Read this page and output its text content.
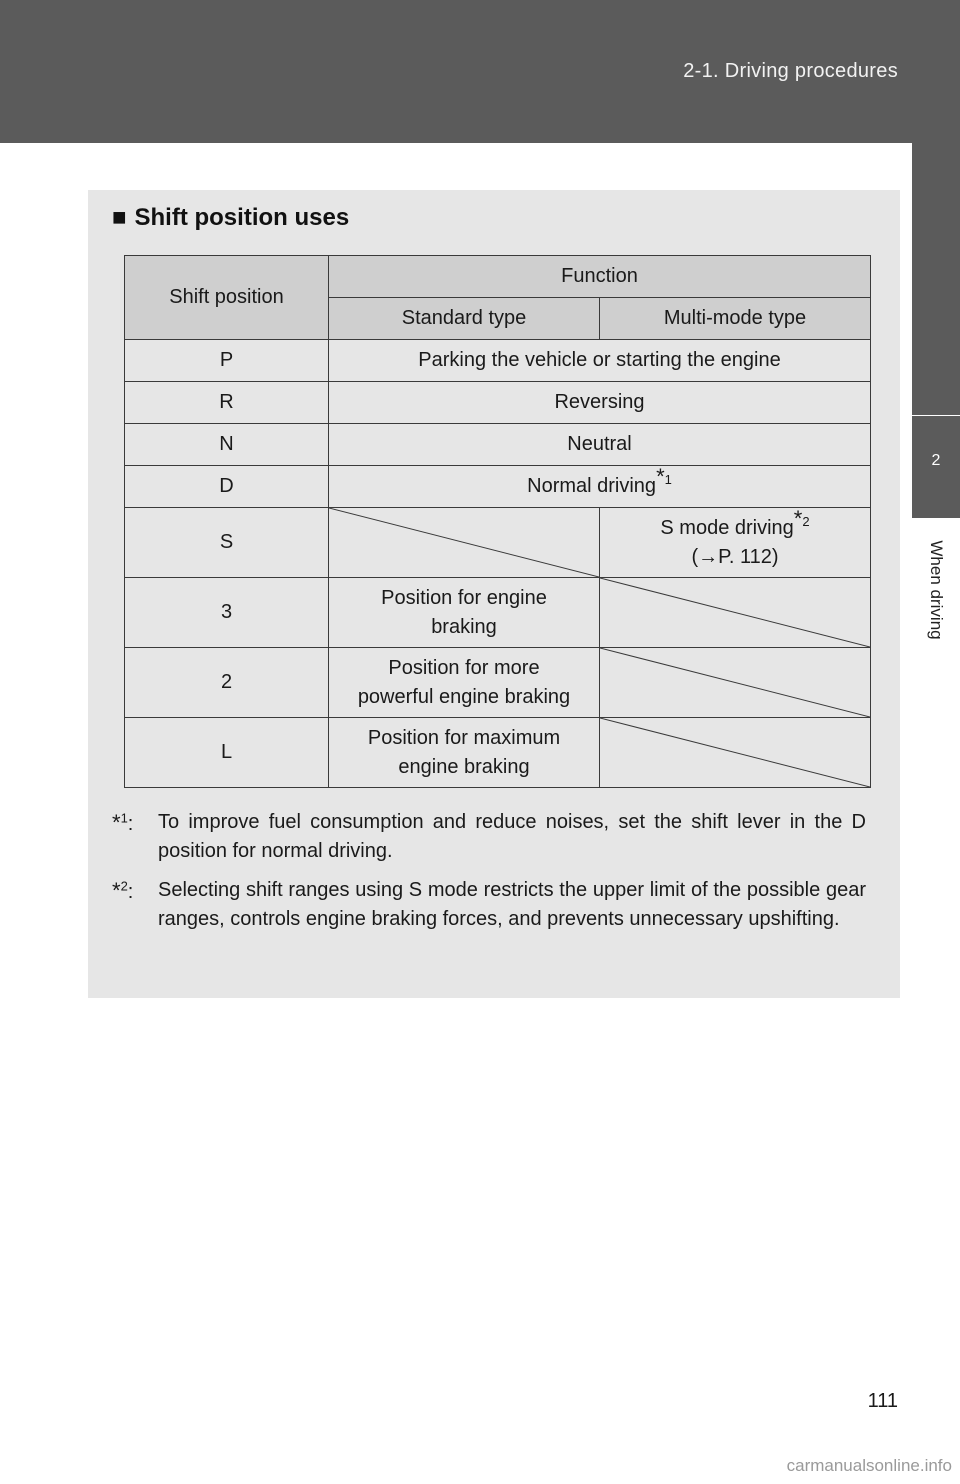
2-1. Driving procedures
2
When driving
■ Shift position uses
Shift position	Function	
	Standard type	Multi-mode type
P	Parking the vehicle or starting the engine	
R	Reversing	
N	Neutral	
D	Normal driving$^{*1}$
S		S mode driving$^{*2}$
(→P. 112)

3	Position for engine
braking

2	Position for more
powerful engine braking

L	Position for maximum
engine braking

*$^1$:	To improve fuel consumption and reduce noises, set the shift lever in the D position for normal driving.
*$^2$:	Selecting shift ranges using S mode restricts the upper limit of the possible gear ranges, controls engine braking forces, and prevents unnecessary upshifting.
111
carmanualsonline.info
